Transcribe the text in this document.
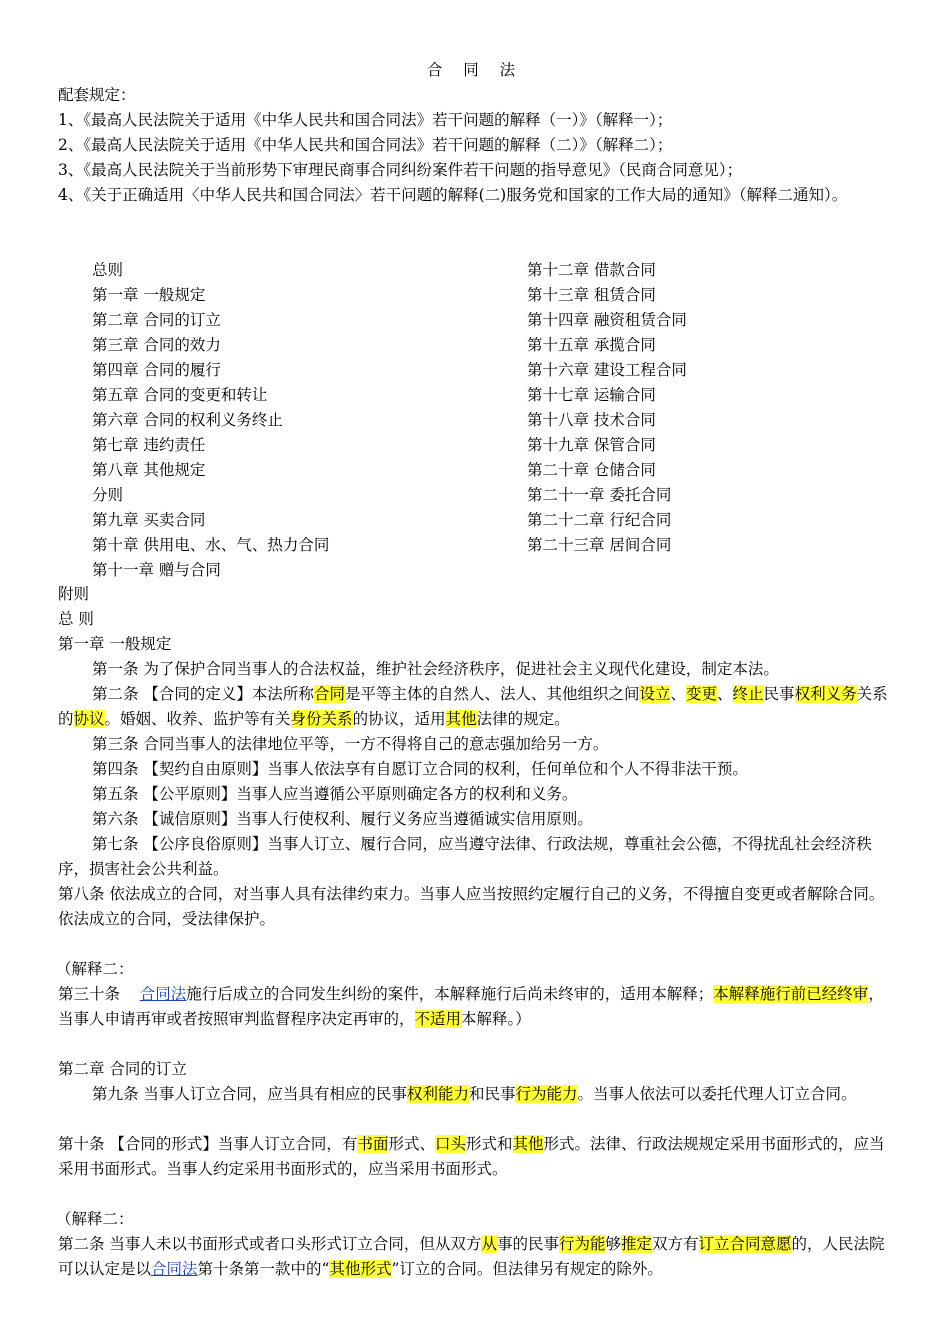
合 同 法
配套规定：
1、《最高人民法院关于适用《中华人民共和国合同法》若干问题的解释（一）》（解释一）；
2、《最高人民法院关于适用《中华人民共和国合同法》若干问题的解释（二）》（解释二）；
3、《最高人民法院关于当前形势下审理民商事合同纠纷案件若干问题的指导意见》（民商合同意见）；
4、《关于正确适用〈中华人民共和国合同法〉若干问题的解释(二)服务党和国家的工作大局的通知》（解释二通知）。
总则
第一章 一般规定
第二章 合同的订立
第三章 合同的效力
第四章 合同的履行
第五章 合同的变更和转让
第六章 合同的权利义务终止
第七章 违约责任
第八章 其他规定
分则
第九章 买卖合同
第十章 供用电、水、气、热力合同
第十一章 赠与合同
第十二章 借款合同
第十三章 租赁合同
第十四章 融资租赁合同
第十五章 承揽合同
第十六章 建设工程合同
第十七章 运输合同
第十八章 技术合同
第十九章 保管合同
第二十章 仓储合同
第二十一章 委托合同
第二十二章 行纪合同
第二十三章 居间合同
附则
总 则
第一章 一般规定
第一条 为了保护合同当事人的合法权益，维护社会经济秩序，促进社会主义现代化建设，制定本法。
第二条 【合同的定义】本法所称合同是平等主体的自然人、法人、其他组织之间设立、变更、终止民事权利义务关系的协议。婚姻、收养、监护等有关身份关系的协议，适用其他法律的规定。
第三条 合同当事人的法律地位平等，一方不得将自己的意志强加给另一方。
第四条 【契约自由原则】当事人依法享有自愿订立合同的权利，任何单位和个人不得非法干预。
第五条 【公平原则】当事人应当遵循公平原则确定各方的权利和义务。
第六条 【诚信原则】当事人行使权利、履行义务应当遵循诚实信用原则。
第七条 【公序良俗原则】当事人订立、履行合同，应当遵守法律、行政法规，尊重社会公德，不得扰乱社会经济秩序，损害社会公共利益。
第八条 依法成立的合同，对当事人具有法律约束力。当事人应当按照约定履行自己的义务，不得擅自变更或者解除合同。依法成立的合同，受法律保护。
（解释二：
第三十条 合同法施行后成立的合同发生纠纷的案件，本解释施行后尚未终审的，适用本解释；本解释施行前已经终审，当事人申请再审或者按照审判监督程序决定再审的，不适用本解释。）
第二章 合同的订立
第九条 当事人订立合同，应当具有相应的民事权利能力和民事行为能力。当事人依法可以委托代理人订立合同。
第十条 【合同的形式】当事人订立合同，有书面形式、口头形式和其他形式。法律、行政法规规定采用书面形式的，应当采用书面形式。当事人约定采用书面形式的，应当采用书面形式。
（解释二：
第二条 当事人未以书面形式或者口头形式订立合同，但从双方从事的民事行为能够推定双方有订立合同意愿的，人民法院可以认定是以合同法第十条第一款中的“其他形式”订立的合同。但法律另有规定的除外。
